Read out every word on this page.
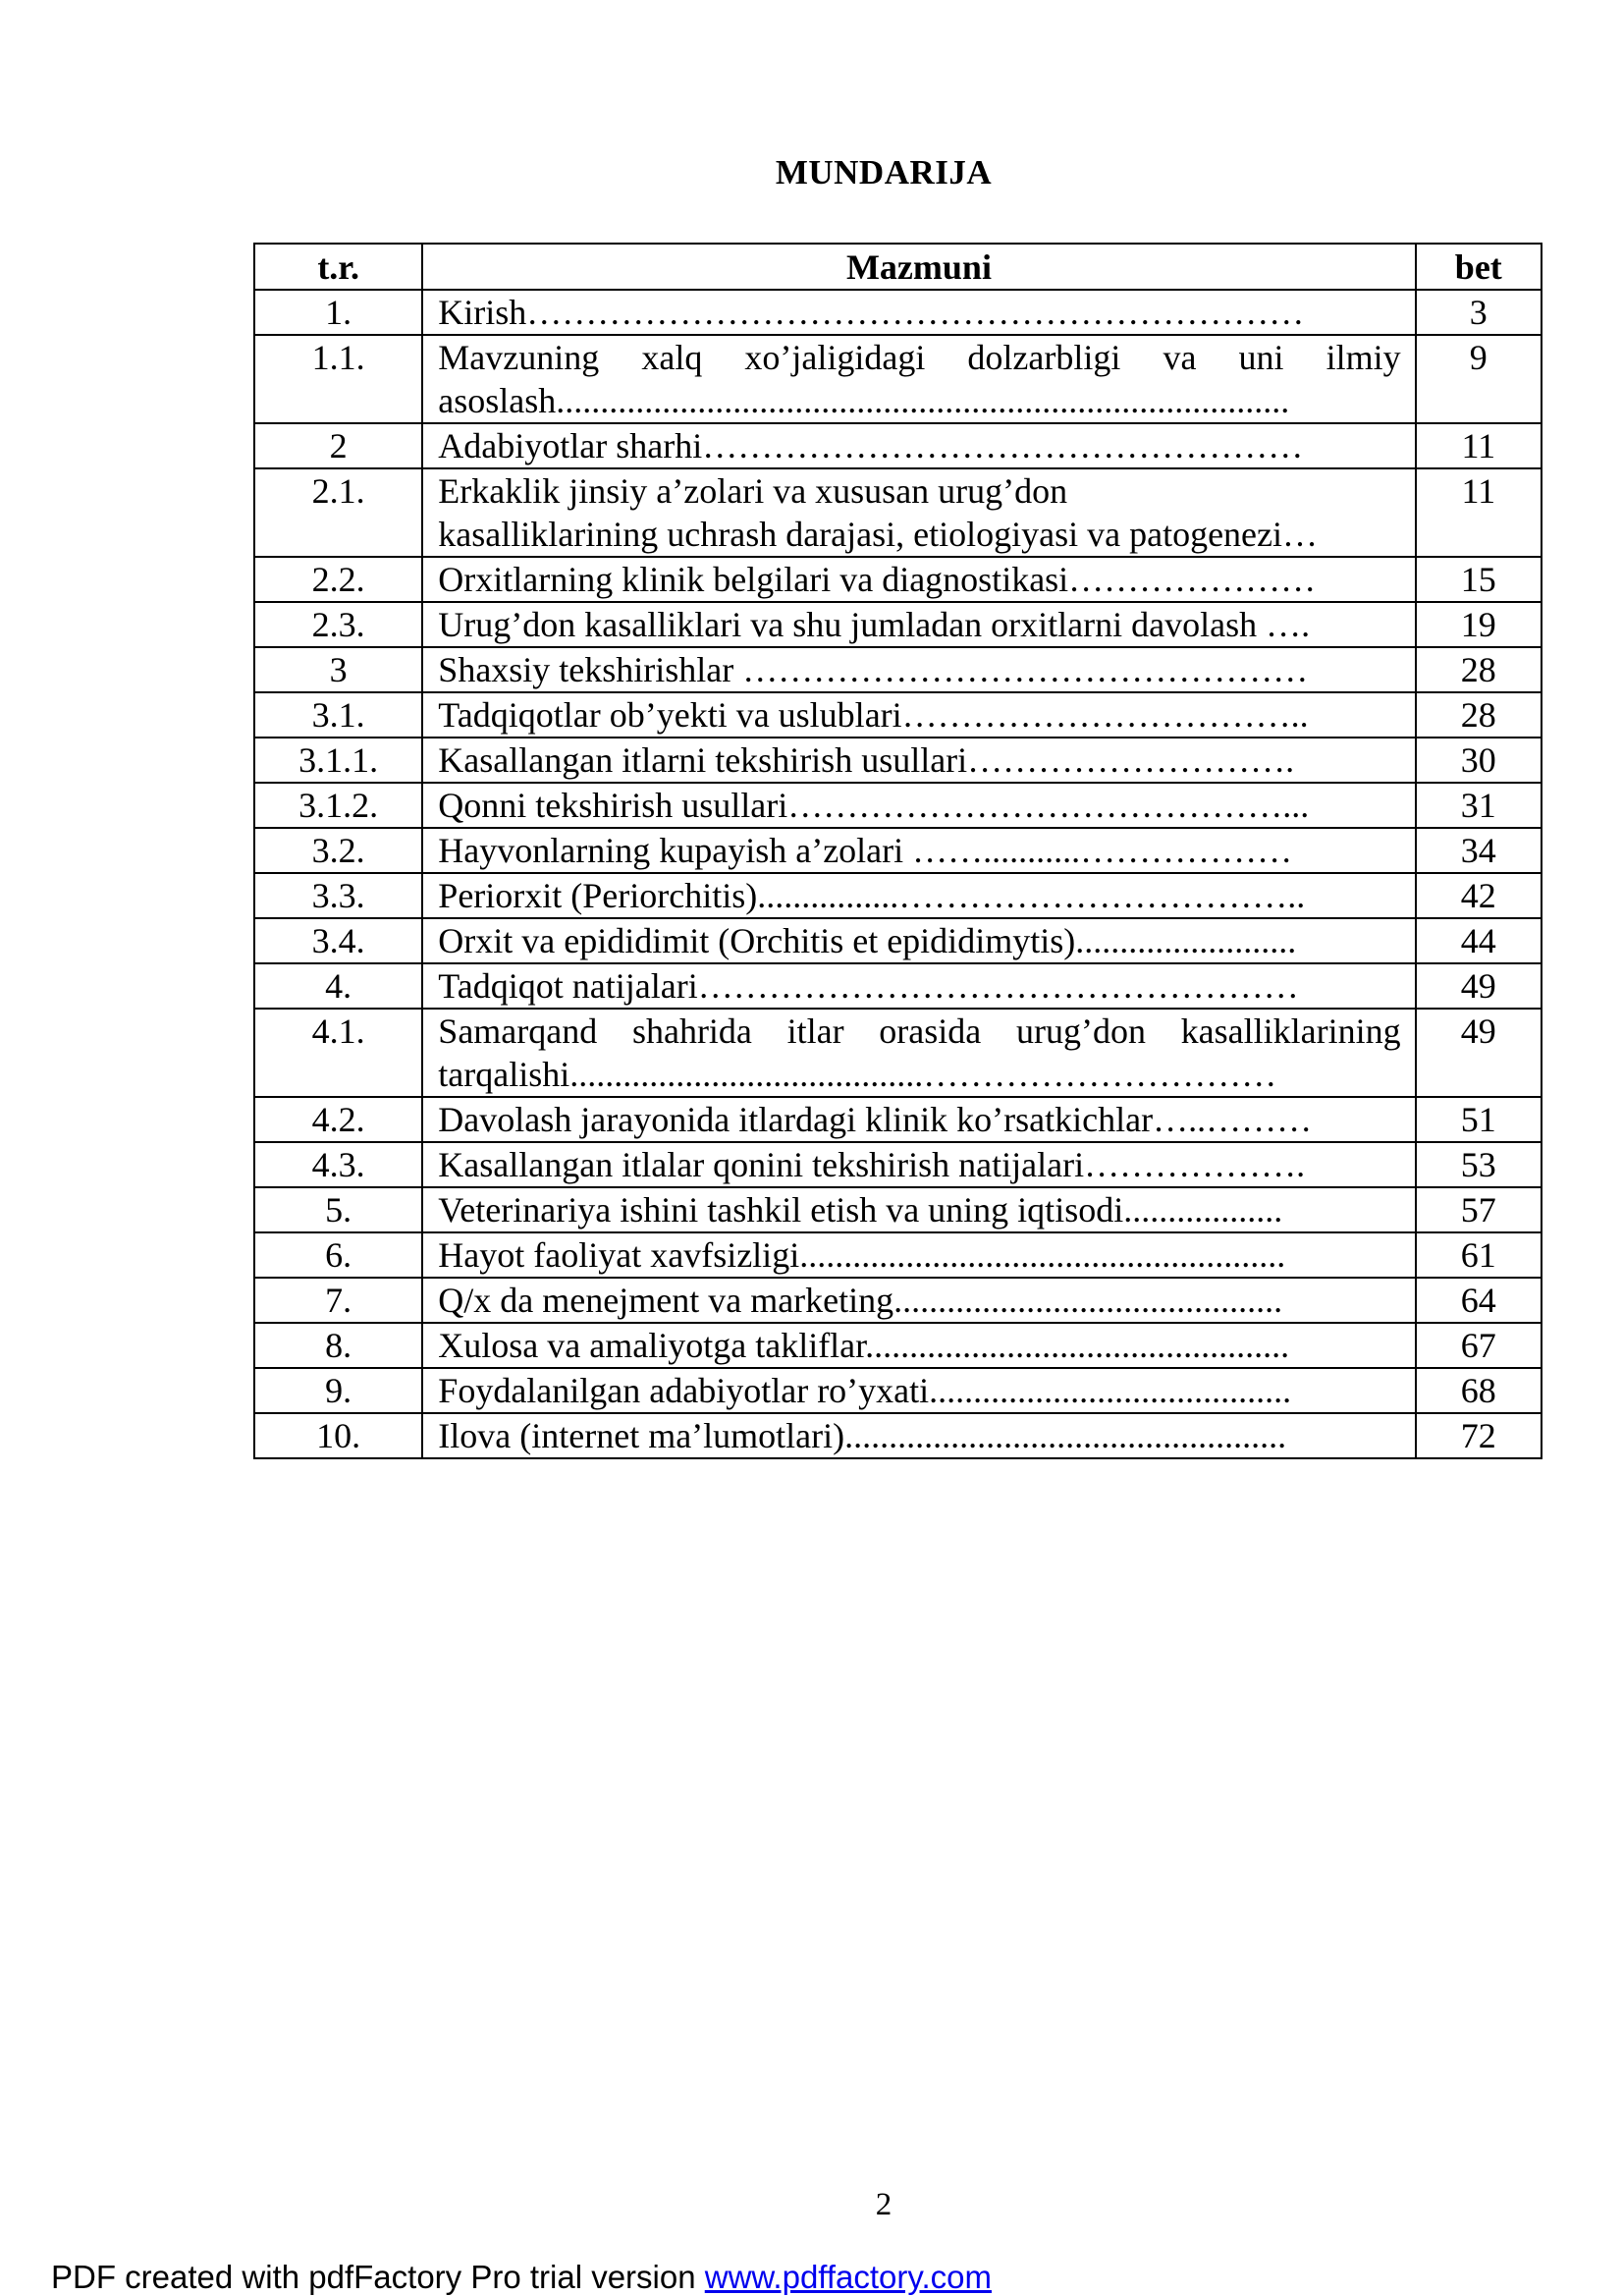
MUNDARIJA
t.r.	Mazmuni	bet
1.	Kirish…………………………………………………………	3
1.1.	Mavzuning xalq xo’jaligidagi dolzarbligi va uni ilmiy asoslash...................................................................................	9
2	Adabiyotlar sharhi……………………………………………	11
2.1.	Erkaklik jinsiy a’zolari va xususan urug’don
kasalliklarining uchrash darajasi, etiologiyasi va patogenezi…	11
2.2.	Orxitlarning klinik belgilari va diagnostikasi…………………	15
2.3.	Urug’don kasalliklari va shu jumladan orxitlarni davolash ….	19
3	Shaxsiy tekshirishlar …………………………………………	28
3.1.	Tadqiqotlar ob’yekti va uslublari……………………………..	28
3.1.1.	Kasallangan itlarni tekshirish usullari……………………….	30
3.1.2.	Qonni tekshirish usullari……………………………………...	31
3.2.	Hayvonlarning kupayish a’zolari ……...........………………	34
3.3.	Periorxit (Periorchitis)................……………………………..	42
3.4.	Orxit va epididimit (Orchitis et epididimytis).........................	44
4.	Tadqiqot natijalari……………………………………………	49
4.1.	Samarqand shahrida itlar orasida urug’don kasalliklarining tarqalishi........................................…………………………	49
4.2.	Davolash jarayonida itlardagi klinik ko’rsatkichlar…..………	51
4.3.	Kasallangan itlalar qonini tekshirish natijalari……………….	53
5.	Veterinariya ishini tashkil etish va uning iqtisodi..................	57
6.	Hayot faoliyat xavfsizligi.......................................................	61
7.	Q/x da menejment va marketing............................................	64
8.	Xulosa va amaliyotga takliflar................................................	67
9.	Foydalanilgan adabiyotlar ro’yxati.........................................	68
10.	Ilova (internet ma’lumotlari)..................................................	72
2
PDF created with pdfFactory Pro trial version www.pdffactory.com
